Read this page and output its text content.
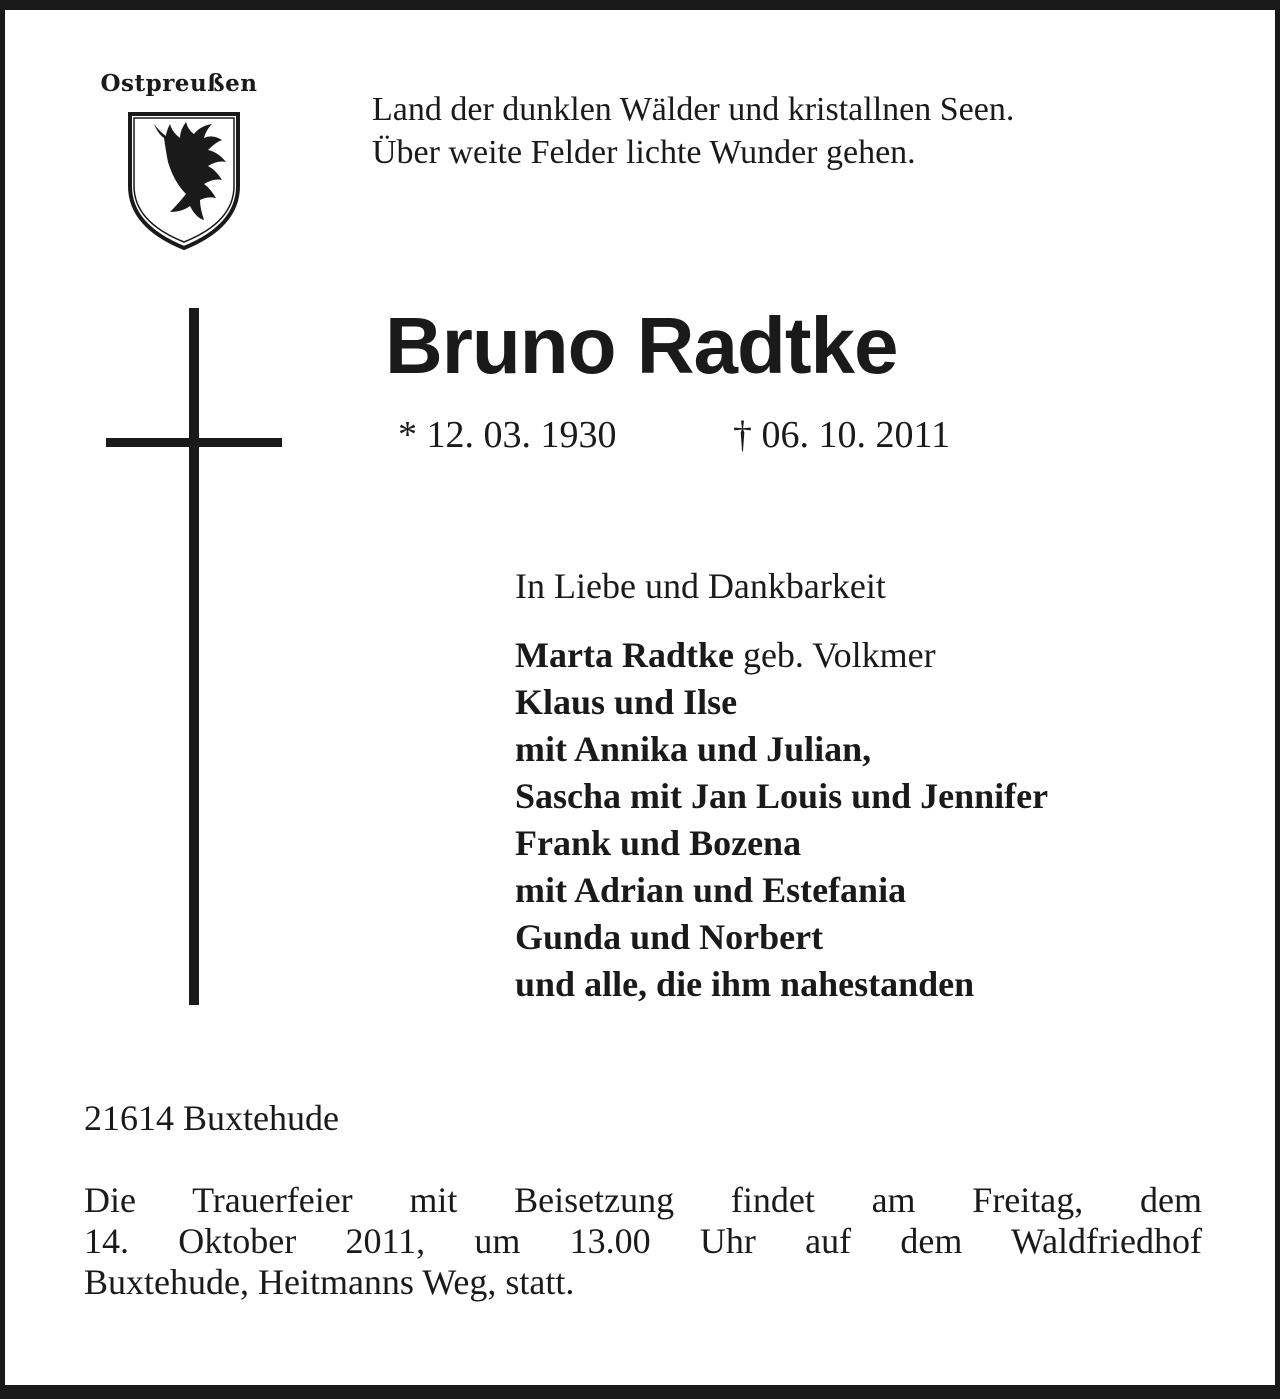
Ostpreußen
Land der dunklen Wälder und kristallnen Seen.
Über weite Felder lichte Wunder gehen.
Bruno Radtke
* 12. 03. 1930	† 06. 10. 2011
In Liebe und Dankbarkeit
Marta Radtke geb. Volkmer
Klaus und Ilse
mit Annika und Julian,
Sascha mit Jan Louis und Jennifer
Frank und Bozena
mit Adrian und Estefania
Gunda und Norbert
und alle, die ihm nahestanden
21614 Buxtehude
Die Trauerfeier mit Beisetzung findet am Freitag, dem
14. Oktober 2011, um 13.00 Uhr auf dem Waldfriedhof
Buxtehude, Heitmanns Weg, statt.
